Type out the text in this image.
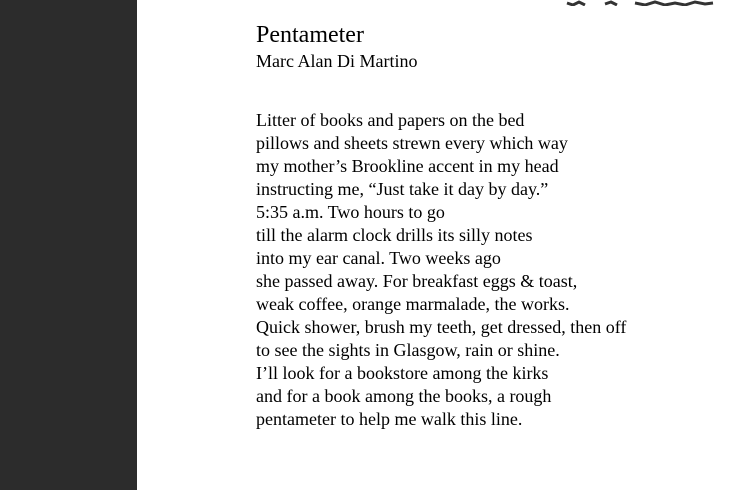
Pentameter

Marc Alan Di Martino

Litter of books and papers on the bed
pillows and sheets strewn every which way
my mother’s Brookline accent in my head
instructing me, “Just take it day by day.”
5:35 a.m. Two hours to go
till the alarm clock drills its silly notes
into my ear canal. Two weeks ago
she passed away. For breakfast eggs & toast,
weak coffee, orange marmalade, the works.
Quick shower, brush my teeth, get dressed, then off
to see the sights in Glasgow, rain or shine.
I’ll look for a bookstore among the kirks
and for a book among the books, a rough
pentameter to help me walk this line.
